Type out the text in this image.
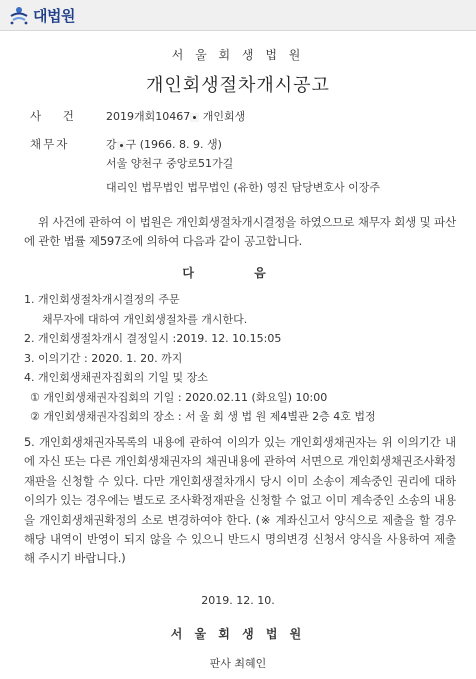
대법원
서 울 회 생 법 원
개인회생절차개시공고
사 건 2019개회10467 개인회생
채무자	강 구 (1966. 8. 9. 생)
서울 양천구 중앙로51가길
대리인 법무법인 법무법인 (유한) 영진 담당변호사 이장주
위 사건에 관하여 이 법원은 개인회생절차개시결정을 하였으므로 채무자 회생 및 파산에 관한 법률 제597조에 의하여 다음과 같이 공고합니다.
다 음
1. 개인회생절차개시결정의 주문
채무자에 대하여 개인회생절차를 개시한다.
2. 개인회생절차개시 결정일시 :2019. 12. 10.15:05
3. 이의기간 : 2020. 1. 20. 까지
4. 개인회생채권자집회의 기일 및 장소
① 개인회생채권자집회의 기일 : 2020.02.11 (화요일) 10:00
② 개인회생채권자집회의 장소 : 서 울 회 생 법 원 제4별관 2층 4호 법정
5. 개인회생채권자목록의 내용에 관하여 이의가 있는 개인회생채권자는 위 이의기간 내에 자신 또는 다른 개인회생채권자의 채권내용에 관하여 서면으로 개인회생채권조사확정재판을 신청할 수 있다. 다만 개인회생절차개시 당시 이미 소송이 계속중인 권리에 대하 이의가 있는 경우에는 별도로 조사확정재판을 신청할 수 없고 이미 계속중인 소송의 내용을 개인회생채권확정의 소로 변경하여야 한다. (※ 계좌신고서 양식으로 제출을 할 경우 해당 내역이 반영이 되지 않을 수 있으니 반드시 명의변경 신청서 양식을 사용하여 제출해 주시기 바랍니다.)
2019. 12. 10.
서 울 회 생 법 원
판사 최혜인
